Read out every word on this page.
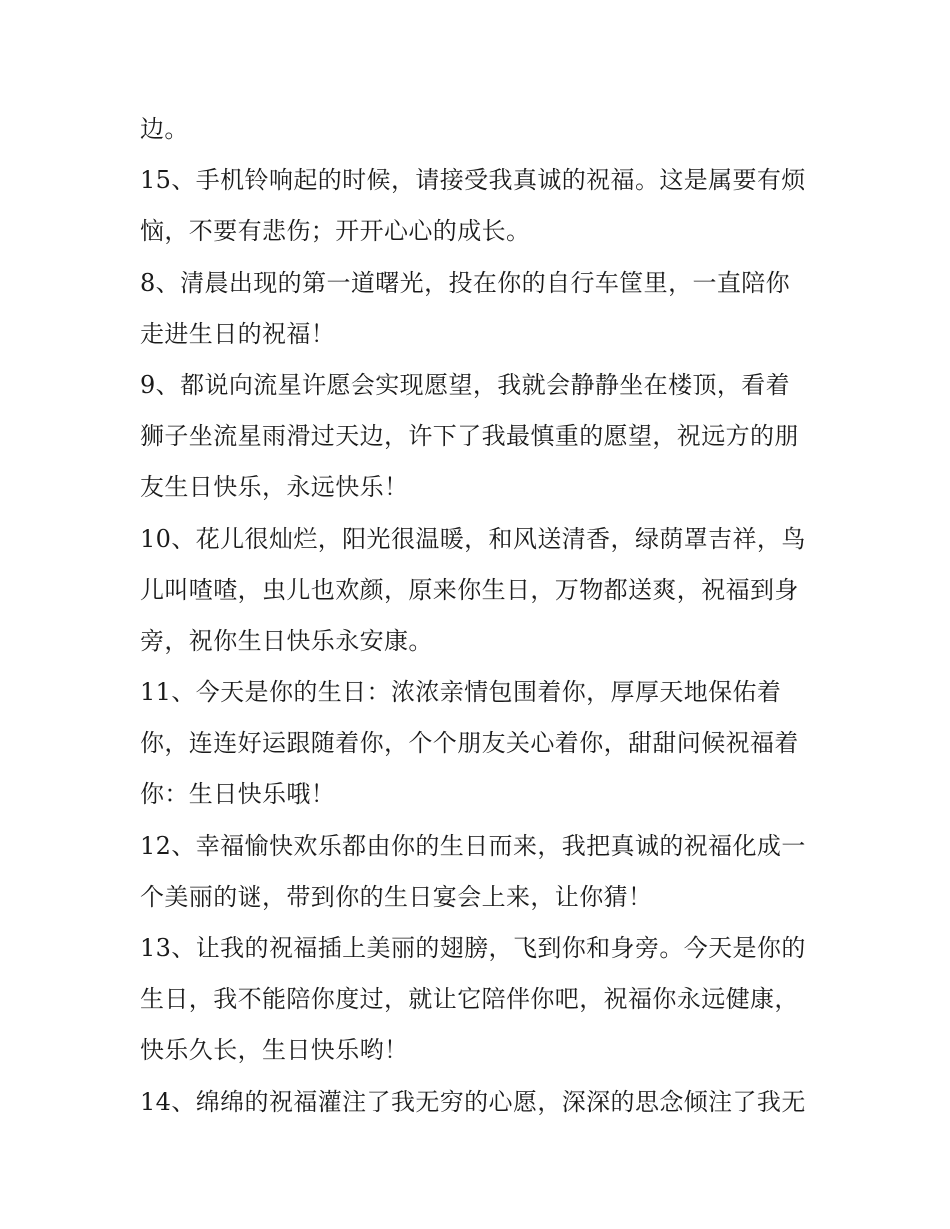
边。
15、手机铃响起的时候，请接受我真诚的祝福。这是属要有烦
恼，不要有悲伤；开开心心的成长。
8、清晨出现的第一道曙光，投在你的自行车筐里，一直陪你
走进生日的祝福！
9、都说向流星许愿会实现愿望，我就会静静坐在楼顶，看着
狮子坐流星雨滑过天边，许下了我最慎重的愿望，祝远方的朋
友生日快乐，永远快乐！
10、花儿很灿烂，阳光很温暖，和风送清香，绿荫罩吉祥，鸟
儿叫喳喳，虫儿也欢颜，原来你生日，万物都送爽，祝福到身
旁，祝你生日快乐永安康。
11、今天是你的生日：浓浓亲情包围着你，厚厚天地保佑着
你，连连好运跟随着你，个个朋友关心着你，甜甜问候祝福着
你：生日快乐哦！
12、幸福愉快欢乐都由你的生日而来，我把真诚的祝福化成一
个美丽的谜，带到你的生日宴会上来，让你猜！
13、让我的祝福插上美丽的翅膀，飞到你和身旁。今天是你的
生日，我不能陪你度过，就让它陪伴你吧，祝福你永远健康，
快乐久长，生日快乐哟！
14、绵绵的祝福灌注了我无穷的心愿，深深的思念倾注了我无
